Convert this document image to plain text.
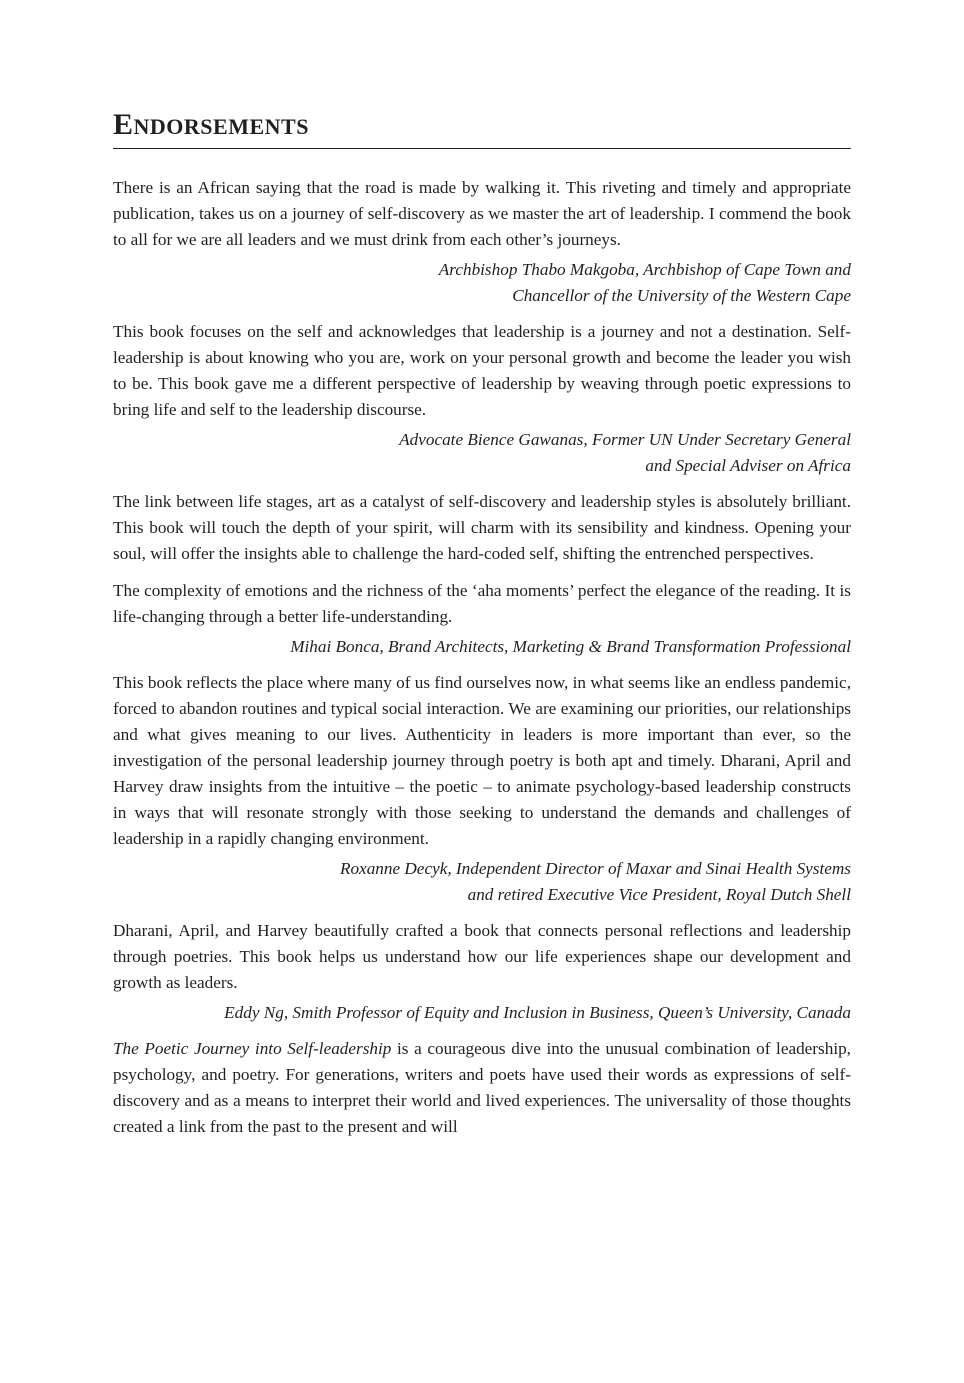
ENDORSEMENTS

There is an African saying that the road is made by walking it. This riveting and timely and appropriate publication, takes us on a journey of self-discovery as we master the art of leadership. I commend the book to all for we are all leaders and we must drink from each other’s journeys.

Archbishop Thabo Makgoba, Archbishop of Cape Town and
Chancellor of the University of the Western Cape

This book focuses on the self and acknowledges that leadership is a journey and not a destination. Self-leadership is about knowing who you are, work on your personal growth and become the leader you wish to be. This book gave me a different perspective of leadership by weaving through poetic expressions to bring life and self to the leadership discourse.

Advocate Bience Gawanas, Former UN Under Secretary General
and Special Adviser on Africa

The link between life stages, art as a catalyst of self-discovery and leadership styles is absolutely brilliant. This book will touch the depth of your spirit, will charm with its sensibility and kindness. Opening your soul, will offer the insights able to challenge the hard-coded self, shifting the entrenched perspectives.

The complexity of emotions and the richness of the ‘aha moments’ perfect the elegance of the reading. It is life-changing through a better life-understanding.

Mihai Bonca, Brand Architects, Marketing & Brand Transformation Professional

This book reflects the place where many of us find ourselves now, in what seems like an endless pandemic, forced to abandon routines and typical social interaction. We are examining our priorities, our relationships and what gives meaning to our lives. Authenticity in leaders is more important than ever, so the investigation of the personal leadership journey through poetry is both apt and timely. Dharani, April and Harvey draw insights from the intuitive – the poetic – to animate psychology-based leadership constructs in ways that will resonate strongly with those seeking to understand the demands and challenges of leadership in a rapidly changing environment.

Roxanne Decyk, Independent Director of Maxar and Sinai Health Systems
and retired Executive Vice President, Royal Dutch Shell

Dharani, April, and Harvey beautifully crafted a book that connects personal reflections and leadership through poetries. This book helps us understand how our life experiences shape our development and growth as leaders.

Eddy Ng, Smith Professor of Equity and Inclusion in Business, Queen’s University, Canada

The Poetic Journey into Self-leadership is a courageous dive into the unusual combination of leadership, psychology, and poetry. For generations, writers and poets have used their words as expressions of self-discovery and as a means to interpret their world and lived experiences. The universality of those thoughts created a link from the past to the present and will
